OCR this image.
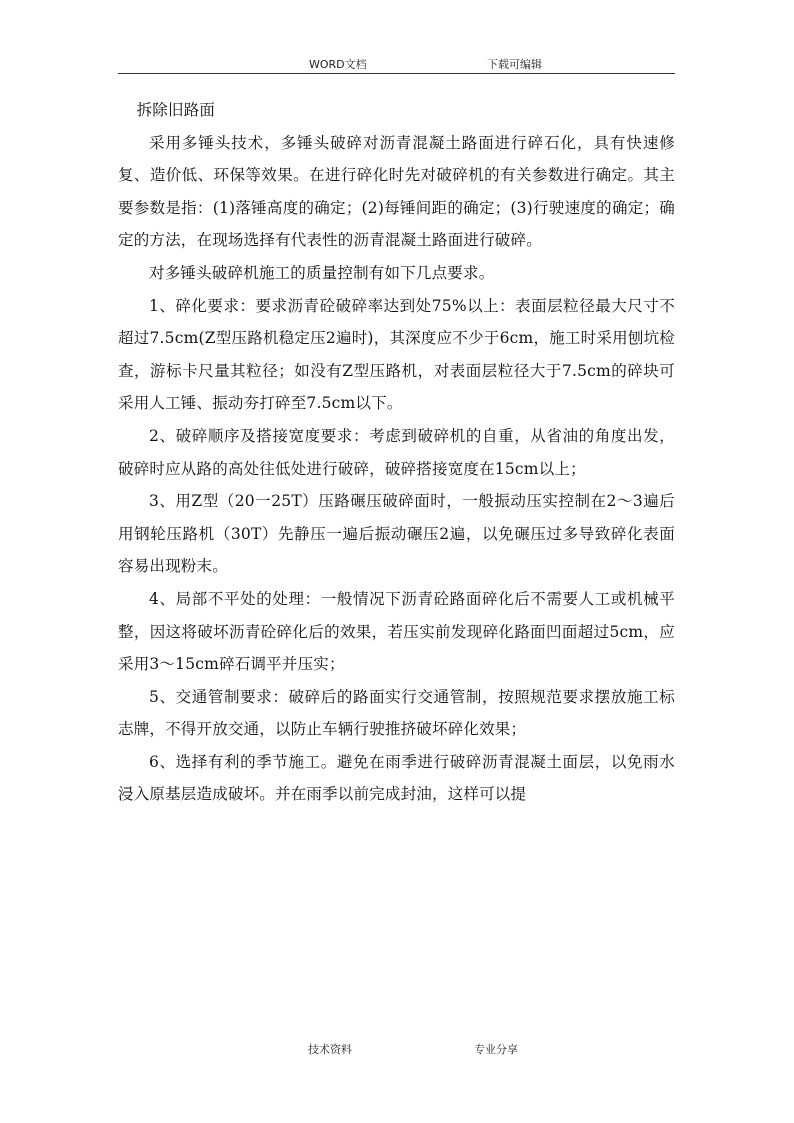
WORD文档	下载可编辑

拆除旧路面

采用多锤头技术，多锤头破碎对沥青混凝土路面进行碎石化，具有快速修复、造价低、环保等效果。在进行碎化时先对破碎机的有关参数进行确定。其主要参数是指：(1)落锤高度的确定；(2)每锤间距的确定；(3)行驶速度的确定；确定的方法，在现场选择有代表性的沥青混凝土路面进行破碎。

对多锤头破碎机施工的质量控制有如下几点要求。

1、碎化要求：要求沥青砼破碎率达到处75%以上：表面层粒径最大尺寸不超过7.5cm(Z型压路机稳定压2遍时)，其深度应不少于6cm，施工时采用刨坑检查，游标卡尺量其粒径；如没有Z型压路机，对表面层粒径大于7.5cm的碎块可采用人工锤、振动夯打碎至7.5cm以下。

2、破碎顺序及搭接宽度要求：考虑到破碎机的自重，从省油的角度出发，破碎时应从路的高处往低处进行破碎，破碎搭接宽度在15cm以上；

3、用Z型（20一25T）压路碾压破碎面时，一般振动压实控制在2～3遍后用钢轮压路机（30T）先静压一遍后振动碾压2遍，以免碾压过多导致碎化表面容易出现粉末。

4、局部不平处的处理：一般情况下沥青砼路面碎化后不需要人工或机械平整，因这将破坏沥青砼碎化后的效果，若压实前发现碎化路面凹面超过5cm，应采用3～15cm碎石调平并压实；

5、交通管制要求：破碎后的路面实行交通管制，按照规范要求摆放施工标志牌，不得开放交通，以防止车辆行驶推挤破坏碎化效果；

6、选择有利的季节施工。避免在雨季进行破碎沥青混凝土面层，以免雨水浸入原基层造成破坏。并在雨季以前完成封油，这样可以提

技术资料	专业分享
